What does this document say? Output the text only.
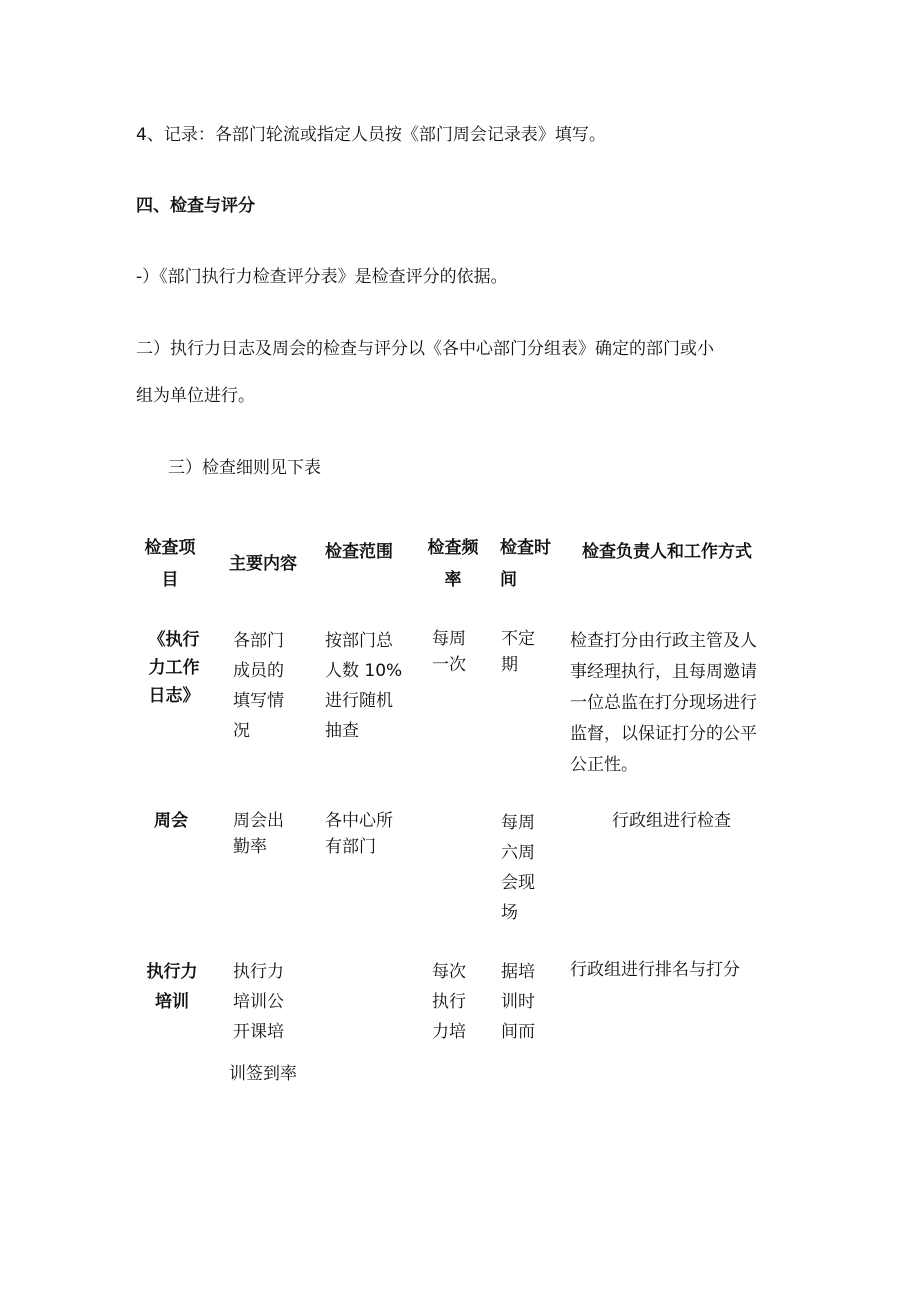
4、记录：各部门轮流或指定人员按《部门周会记录表》填写。

四、检查与评分

-）《部门执行力检查评分表》是检查评分的依据。

二）执行力日志及周会的检查与评分以《各中心部门分组表》确定的部门或小

组为单位进行。

三）检查细则见下表

检查项
目
主要内容
检查范围 检查频
率
检查时
间
检查负责人和工作方式
《执行
力工作
日志》
各部门
成员的
填写情
况
按部门总
人数 10%
进行随机
抽查
每周
一次
不定
期
检查打分由行政主管及人
事经理执行，且每周邀请
一位总监在打分现场进行
监督，以保证打分的公平
公正性。
周会	周会出
勤率
各中心所
有部门
每周
六周
会现
场
行政组进行检查
执行力
培训
执行力
培训公
开课培
训签到率
每次
执行
力培
据培
训时
间而
行政组进行排名与打分
